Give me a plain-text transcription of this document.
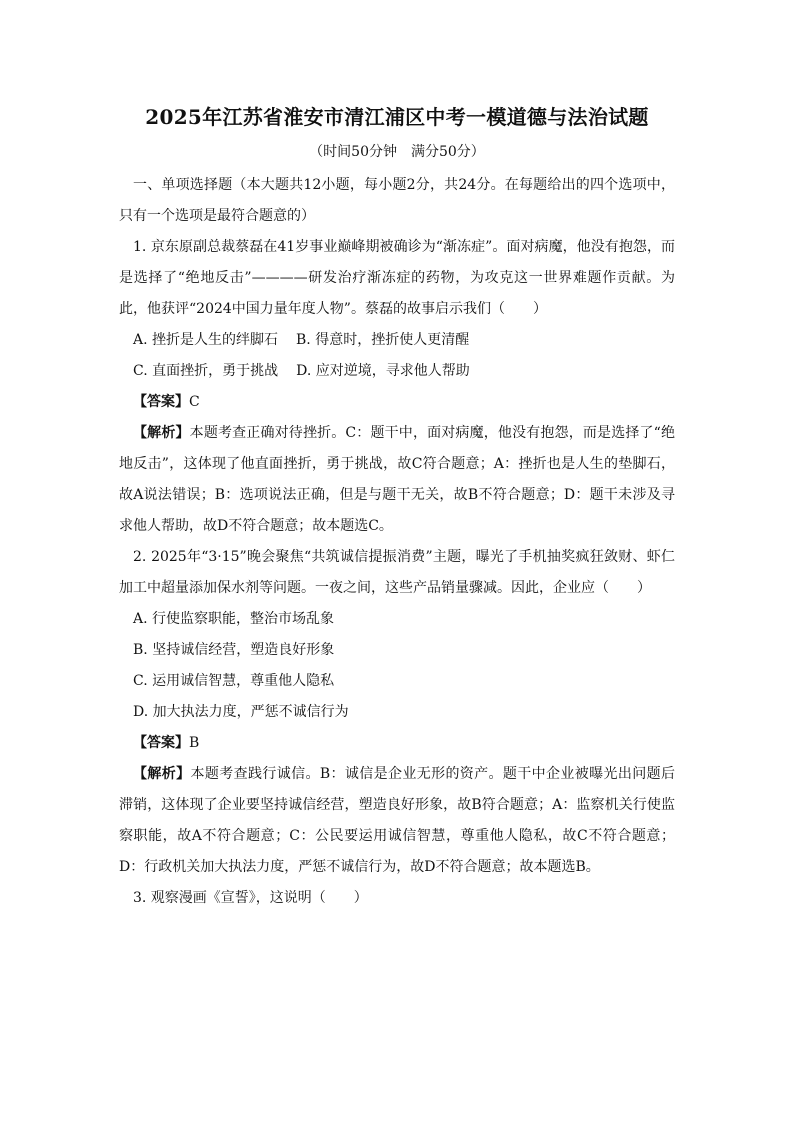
2025年江苏省淮安市清江浦区中考一模道德与法治试题
（时间50分钟　满分50分）

一、单项选择题（本大题共12小题，每小题2分，共24分。在每题给出的四个选项中，只有一个选项是最符合题意的）

1. 京东原副总裁蔡磊在41岁事业巅峰期被确诊为“渐冻症”。面对病魔，他没有抱怨，而是选择了“绝地反击”————研发治疗渐冻症的药物，为攻克这一世界难题作贡献。为此，他获评“2024中国力量年度人物”。蔡磊的故事启示我们（　　）

A. 挫折是人生的绊脚石 B. 得意时，挫折使人更清醒

C. 直面挫折，勇于挑战 D. 应对逆境，寻求他人帮助

【答案】C

【解析】本题考查正确对待挫折。C：题干中，面对病魔，他没有抱怨，而是选择了“绝地反击”，这体现了他直面挫折，勇于挑战，故C符合题意；A：挫折也是人生的垫脚石，故A说法错误；B：选项说法正确，但是与题干无关，故B不符合题意；D：题干未涉及寻求他人帮助，故D不符合题意；故本题选C。

2. 2025年“3·15”晚会聚焦“共筑诚信提振消费”主题，曝光了手机抽奖疯狂敛财、虾仁加工中超量添加保水剂等问题。一夜之间，这些产品销量骤减。因此，企业应（　　）

A. 行使监察职能，整治市场乱象

B. 坚持诚信经营，塑造良好形象

C. 运用诚信智慧，尊重他人隐私

D. 加大执法力度，严惩不诚信行为

【答案】B

【解析】本题考查践行诚信。B：诚信是企业无形的资产。题干中企业被曝光出问题后滞销，这体现了企业要坚持诚信经营，塑造良好形象，故B符合题意；A：监察机关行使监察职能，故A不符合题意；C：公民要运用诚信智慧，尊重他人隐私，故C不符合题意；D：行政机关加大执法力度，严惩不诚信行为，故D不符合题意；故本题选B。

3. 观察漫画《宣誓》，这说明（　　）
